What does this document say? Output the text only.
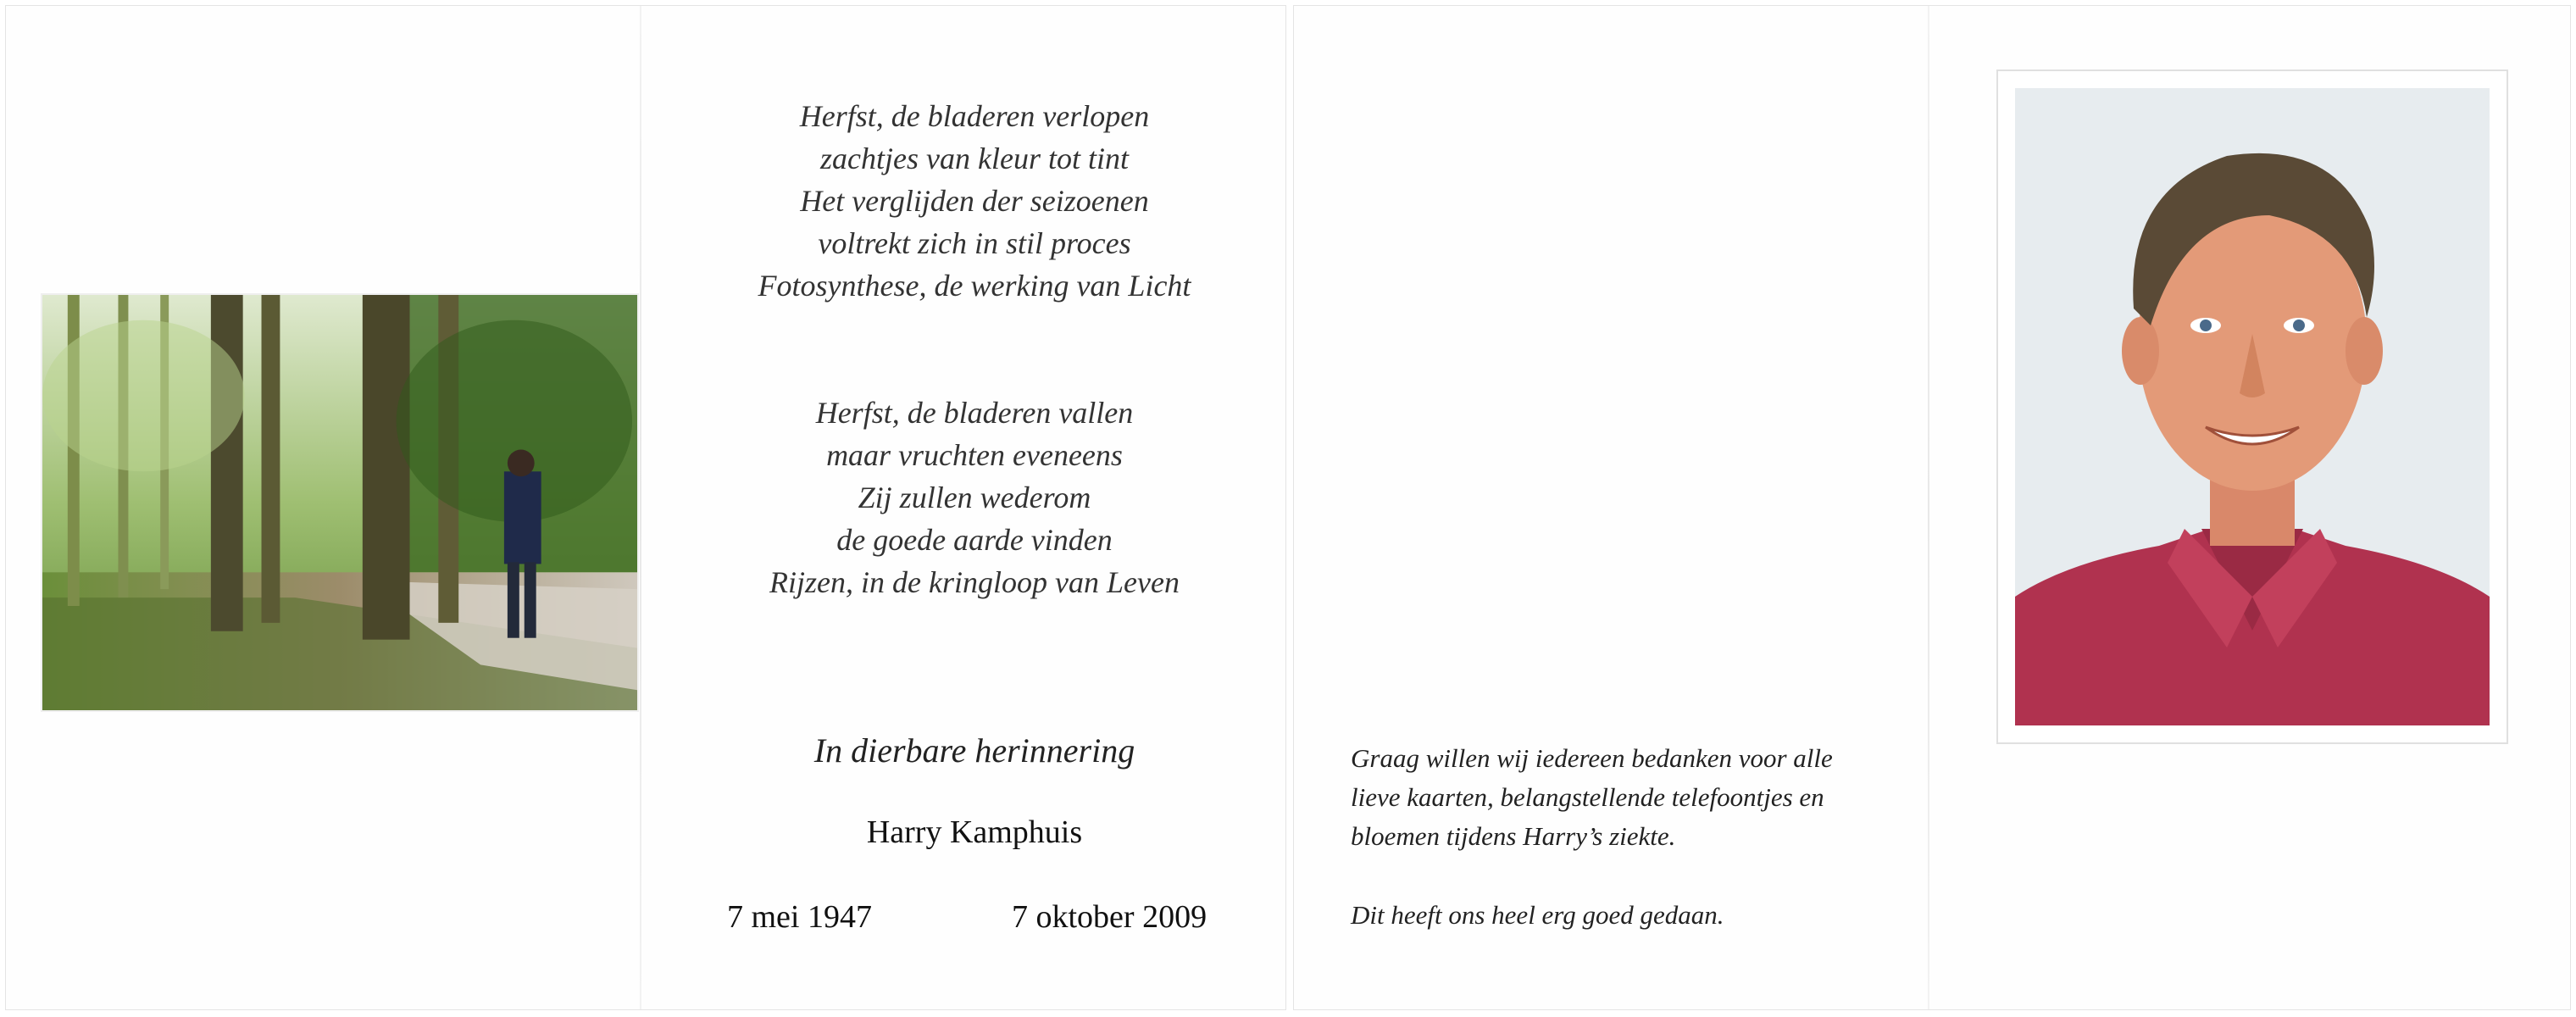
Herfst, de bladeren verlopen
zachtjes van kleur tot tint
Het verglijden der seizoenen
voltrekt zich in stil proces
Fotosynthese, de werking van Licht
Herfst, de bladeren vallen
maar vruchten eveneens
Zij zullen wederom
de goede aarde vinden
Rijzen, in de kringloop van Leven
In dierbare herinnering
Harry Kamphuis
7 mei 1947	7 oktober 2009
Graag willen wij iedereen bedanken voor alle
lieve kaarten, belangstellende telefoontjes en
bloemen tijdens Harry’s ziekte.
Dit heeft ons heel erg goed gedaan.
